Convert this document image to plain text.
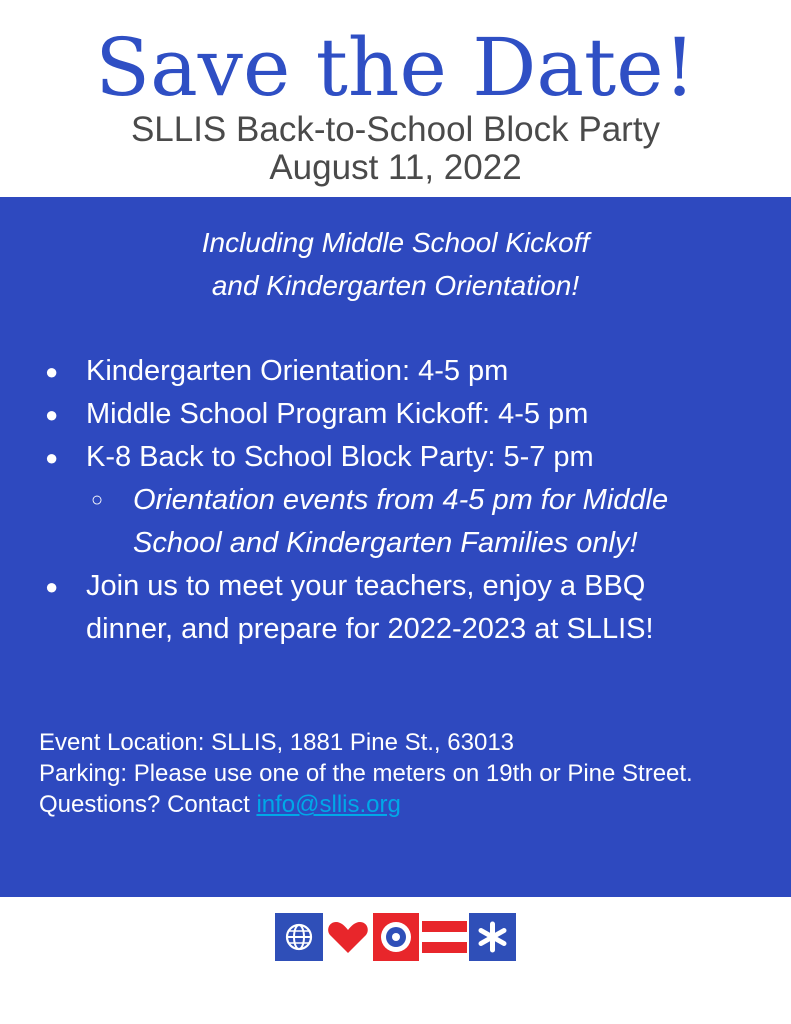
Save the Date!
SLLIS Back-to-School Block Party
August 11, 2022
Including Middle School Kickoff
and Kindergarten Orientation!
● Kindergarten Orientation: 4-5 pm
● Middle School Program Kickoff: 4-5 pm
● K-8 Back to School Block Party: 5-7 pm
○ Orientation events from 4-5 pm for Middle
School and Kindergarten Families only!
● Join us to meet your teachers, enjoy a BBQ
dinner, and prepare for 2022-2023 at SLLIS!
Event Location: SLLIS, 1881 Pine St., 63013
Parking: Please use one of the meters on 19th or Pine Street.
Questions? Contact info@sllis.org
